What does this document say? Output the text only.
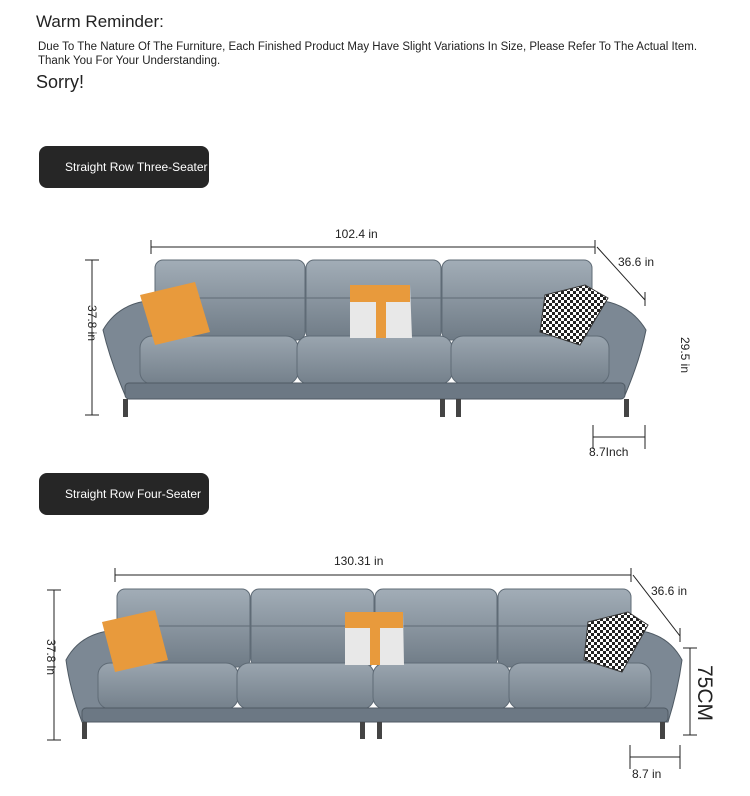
Warm Reminder:
Due To The Nature Of The Furniture, Each Finished Product May Have Slight Variations In Size, Please Refer To The Actual Item. Thank You For Your Understanding.
Sorry!
Straight Row Three-Seater
Straight Row Four-Seater
102.4 in
36.6 in
37.8 in
29.5 in
8.7Inch
130.31 in
36.6 in
37.8 in
75CM
8.7 in
